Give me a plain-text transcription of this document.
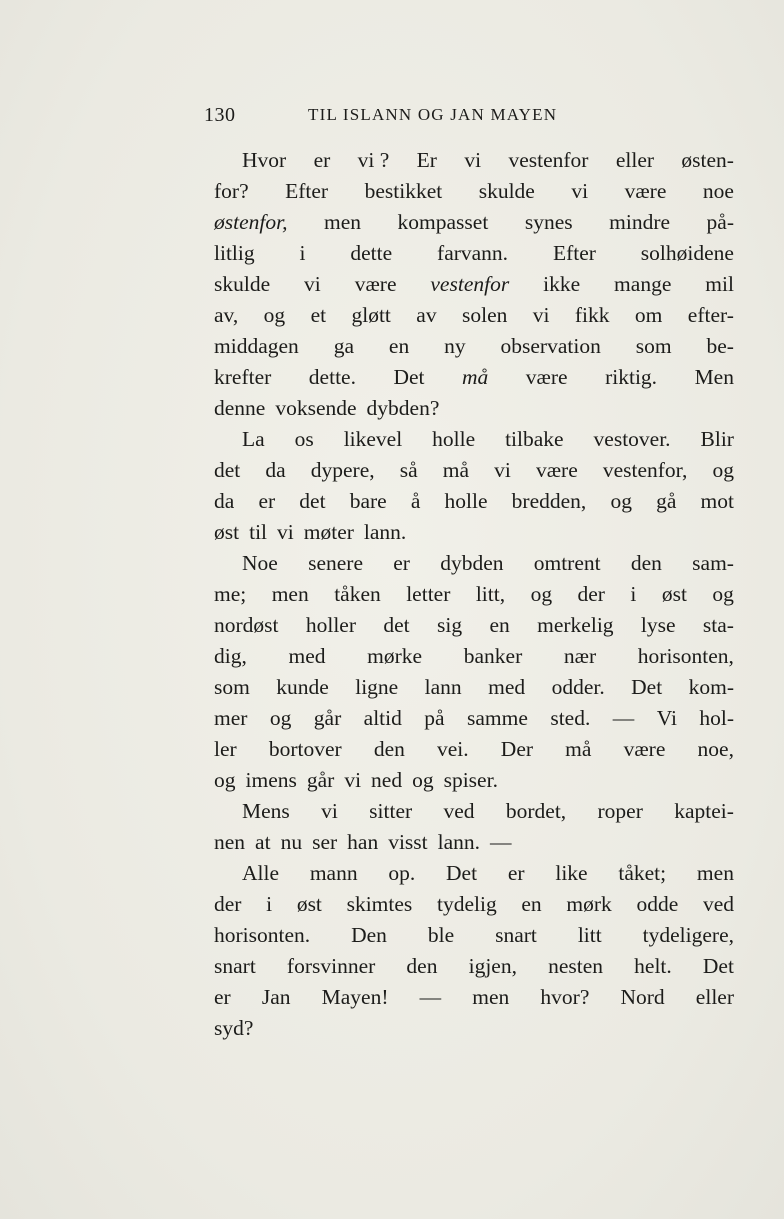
130	TIL ISLANN OG JAN MAYEN
Hvor er vi ? Er vi vestenfor eller østen-
for? Efter bestikket skulde vi være noe
østenfor, men kompasset synes mindre på-
litlig i dette farvann. Efter solhøidene
skulde vi være vestenfor ikke mange mil
av, og et gløtt av solen vi fikk om efter-
middagen ga en ny observation som be-
krefter dette. Det må være riktig. Men
denne voksende dybden?
La os likevel holle tilbake vestover. Blir
det da dypere, så må vi være vestenfor, og
da er det bare å holle bredden, og gå mot
øst til vi møter lann.
Noe senere er dybden omtrent den sam-
me; men tåken letter litt, og der i øst og
nordøst holler det sig en merkelig lyse sta-
dig, med mørke banker nær horisonten,
som kunde ligne lann med odder. Det kom-
mer og går altid på samme sted. — Vi hol-
ler bortover den vei. Der må være noe,
og imens går vi ned og spiser.
Mens vi sitter ved bordet, roper kaptei-
nen at nu ser han visst lann. —
Alle mann op. Det er like tåket; men
der i øst skimtes tydelig en mørk odde ved
horisonten. Den ble snart litt tydeligere,
snart forsvinner den igjen, nesten helt. Det
er Jan Mayen! — men hvor? Nord eller
syd?
